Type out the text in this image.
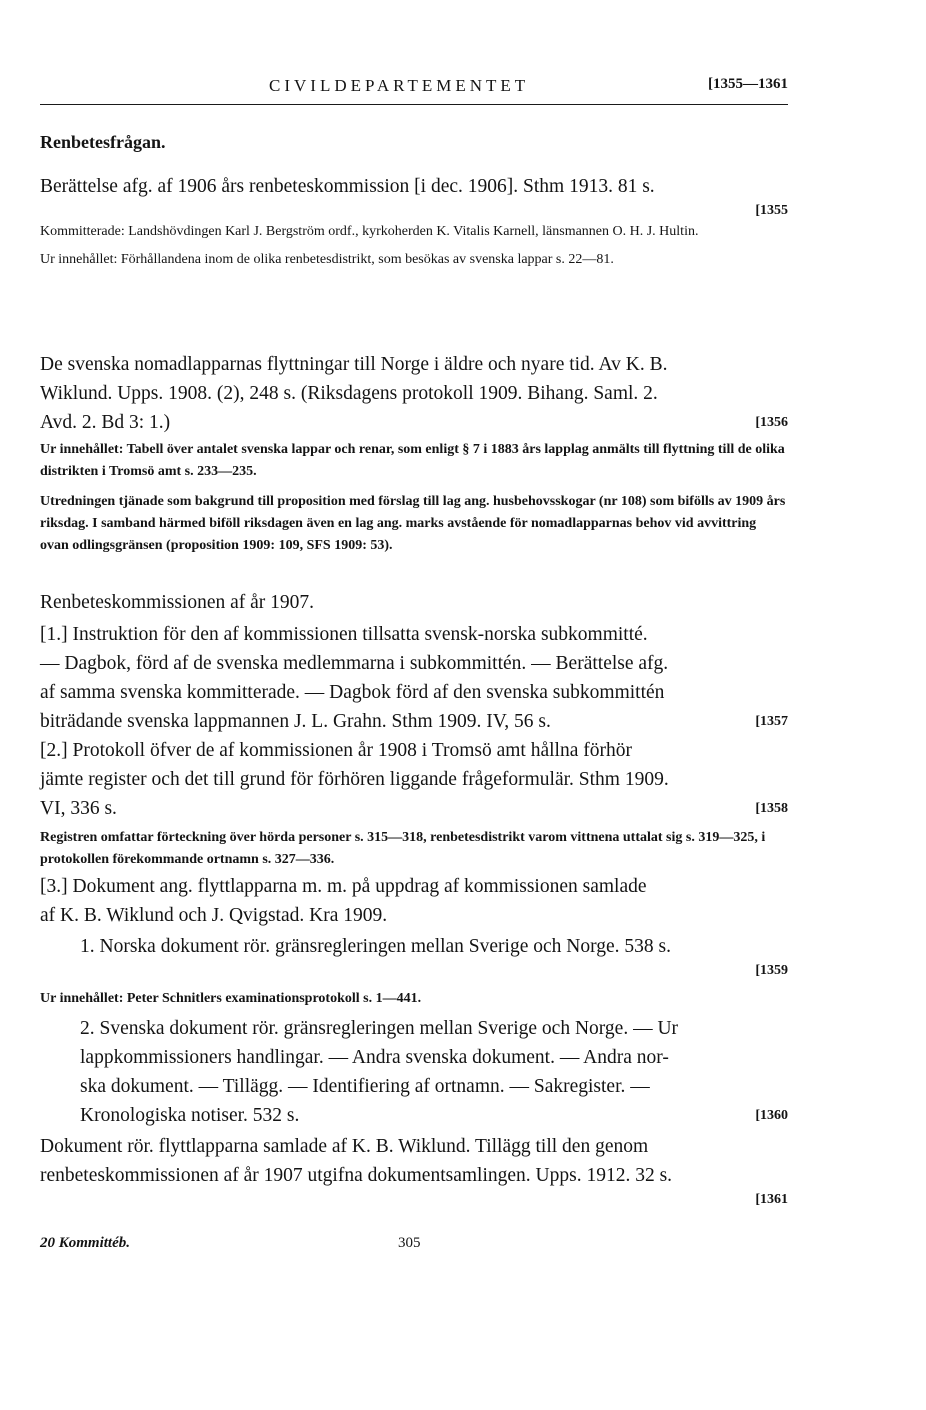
CIVILDEPARTEMENTET	[1355—1361
Renbetesfrågan.
Berättelse afg. af 1906 års renbeteskommission [i dec. 1906]. Sthm 1913. 81 s.
[1355
Kommitterade: Landshövdingen Karl J. Bergström ordf., kyrkoherden K. Vitalis Karnell, länsmannen O. H. J. Hultin.
Ur innehållet: Förhållandena inom de olika renbetesdistrikt, som besökas av svenska lappar s. 22—81.
De svenska nomadlapparnas flyttningar till Norge i äldre och nyare tid. Av K. B.
Wiklund. Upps. 1908. (2), 248 s. (Riksdagens protokoll 1909. Bihang. Saml. 2.
[1356
Avd. 2. Bd 3: 1.)
Ur innehållet: Tabell över antalet svenska lappar och renar, som enligt § 7 i 1883 års lapplag anmälts till flyttning till de olika distrikten i Tromsö amt s. 233—235.
Utredningen tjänade som bakgrund till proposition med förslag till lag ang. husbehovsskogar (nr 108) som bifölls av 1909 års riksdag. I samband härmed biföll riksdagen även en lag ang. marks avstående för nomadlapparnas behov vid avvittring ovan odlingsgränsen (proposition 1909: 109, SFS 1909: 53).
Renbeteskommissionen af år 1907.
[1.] Instruktion för den af kommissionen tillsatta svensk-norska subkommitté.
— Dagbok, förd af de svenska medlemmarna i subkommittén. — Berättelse afg.
af samma svenska kommitterade. — Dagbok förd af den svenska subkommittén
[1357
biträdande svenska lappmannen J. L. Grahn. Sthm 1909. IV, 56 s.
[2.] Protokoll öfver de af kommissionen år 1908 i Tromsö amt hållna förhör
jämte register och det till grund för förhören liggande frågeformulär. Sthm 1909.
[1358
VI, 336 s.
Registren omfattar förteckning över hörda personer s. 315—318, renbetesdistrikt varom vittnena uttalat sig s. 319—325, i protokollen förekommande ortnamn s. 327—336.
[3.] Dokument ang. flyttlapparna m. m. på uppdrag af kommissionen samlade
af K. B. Wiklund och J. Qvigstad. Kra 1909.
1. Norska dokument rör. gränsregleringen mellan Sverige och Norge. 538 s.
[1359
Ur innehållet: Peter Schnitlers examinationsprotokoll s. 1—441.
2. Svenska dokument rör. gränsregleringen mellan Sverige och Norge. — Ur
lappkommissioners handlingar. — Andra svenska dokument. — Andra nor-
ska dokument. — Tillägg. — Identifiering af ortnamn. — Sakregister. —
[1360
Kronologiska notiser. 532 s.
Dokument rör. flyttlapparna samlade af K. B. Wiklund. Tillägg till den genom
renbeteskommissionen af år 1907 utgifna dokumentsamlingen. Upps. 1912. 32 s.
[1361
20 Kommittéb.	305
